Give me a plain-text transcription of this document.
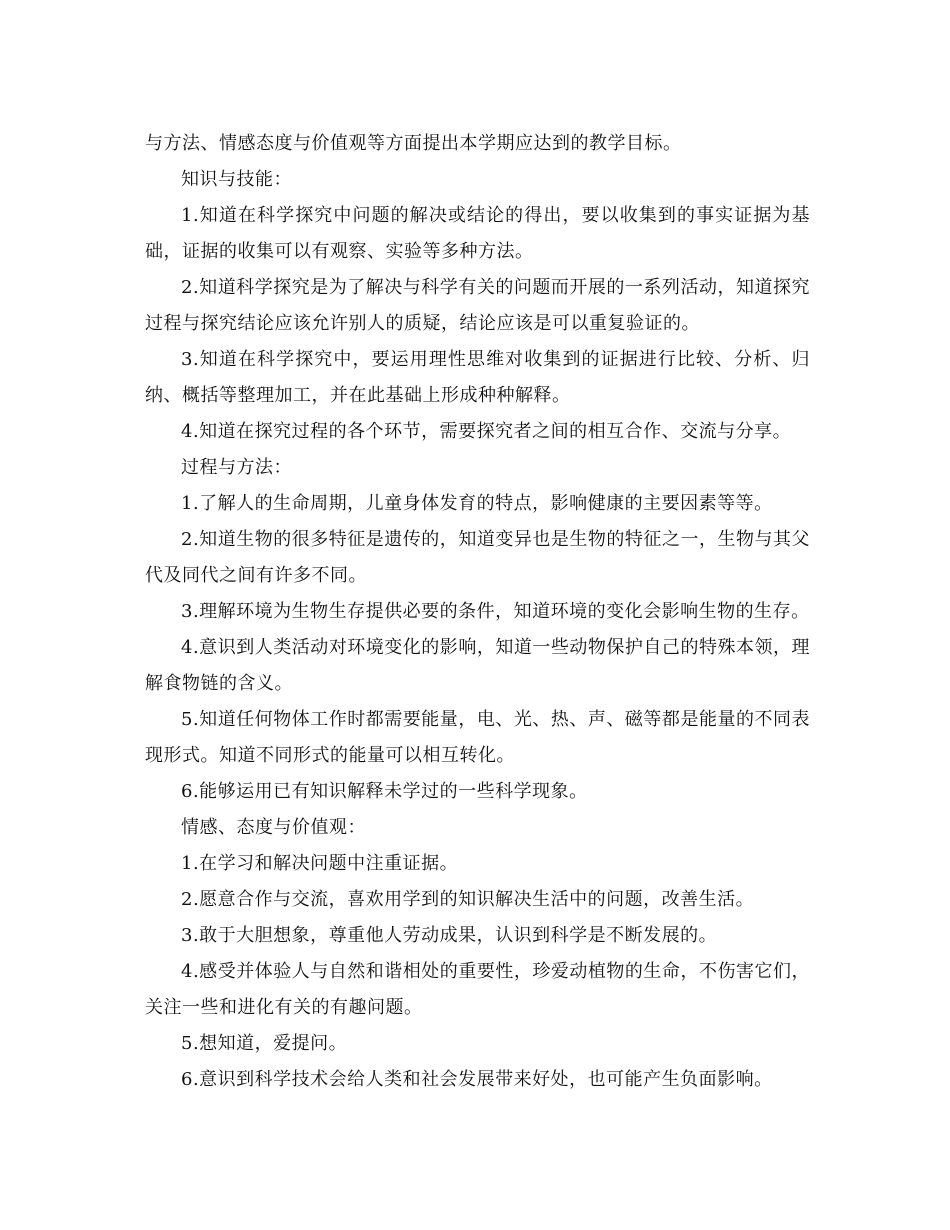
与方法、情感态度与价值观等方面提出本学期应达到的教学目标。

知识与技能：

1.知道在科学探究中问题的解决或结论的得出，要以收集到的事实证据为基础，证据的收集可以有观察、实验等多种方法。

2.知道科学探究是为了解决与科学有关的问题而开展的一系列活动，知道探究过程与探究结论应该允许别人的质疑，结论应该是可以重复验证的。

3.知道在科学探究中，要运用理性思维对收集到的证据进行比较、分析、归纳、概括等整理加工，并在此基础上形成种种解释。

4.知道在探究过程的各个环节，需要探究者之间的相互合作、交流与分享。

过程与方法：

1.了解人的生命周期，儿童身体发育的特点，影响健康的主要因素等等。

2.知道生物的很多特征是遗传的，知道变异也是生物的特征之一，生物与其父代及同代之间有许多不同。

3.理解环境为生物生存提供必要的条件，知道环境的变化会影响生物的生存。

4.意识到人类活动对环境变化的影响，知道一些动物保护自己的特殊本领，理解食物链的含义。

5.知道任何物体工作时都需要能量，电、光、热、声、磁等都是能量的不同表现形式。知道不同形式的能量可以相互转化。

6.能够运用已有知识解释未学过的一些科学现象。

情感、态度与价值观：

1.在学习和解决问题中注重证据。

2.愿意合作与交流，喜欢用学到的知识解决生活中的问题，改善生活。

3.敢于大胆想象，尊重他人劳动成果，认识到科学是不断发展的。

4.感受并体验人与自然和谐相处的重要性，珍爱动植物的生命，不伤害它们，关注一些和进化有关的有趣问题。

5.想知道，爱提问。

6.意识到科学技术会给人类和社会发展带来好处，也可能产生负面影响。
